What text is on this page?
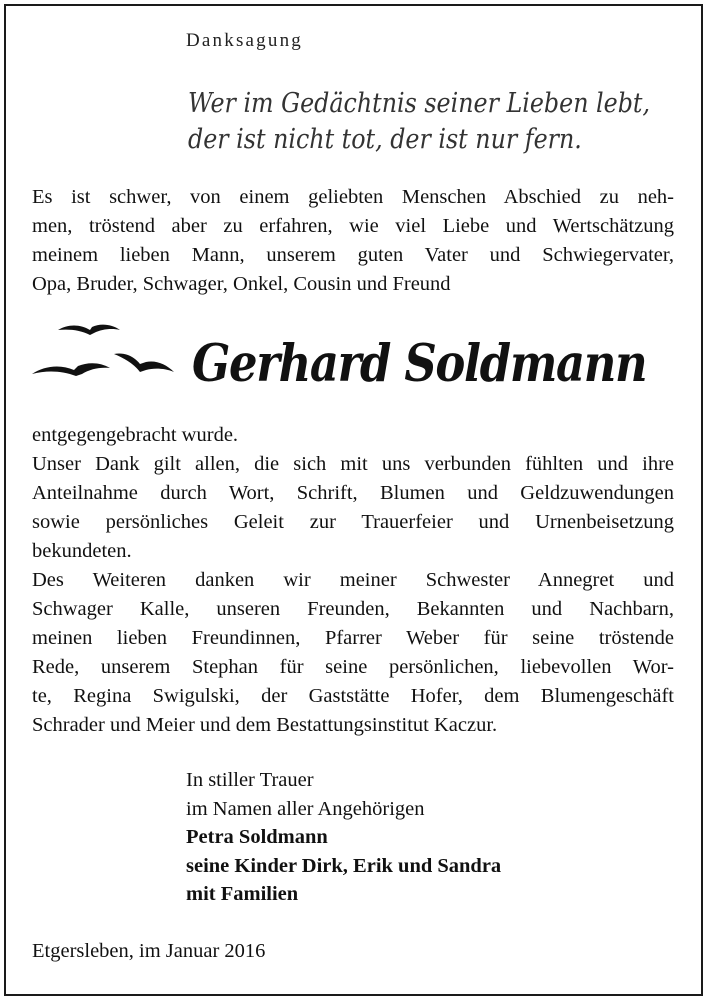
Danksagung
Wer im Gedächtnis seiner Lieben lebt,
der ist nicht tot, der ist nur fern.
Es ist schwer, von einem geliebten Menschen Abschied zu neh-
men, tröstend aber zu erfahren, wie viel Liebe und Wertschätzung
meinem lieben Mann, unserem guten Vater und Schwiegervater,
Opa, Bruder, Schwager, Onkel, Cousin und Freund
Gerhard Soldmann
entgegengebracht wurde.
Unser Dank gilt allen, die sich mit uns verbunden fühlten und ihre
Anteilnahme durch Wort, Schrift, Blumen und Geldzuwendungen
sowie persönliches Geleit zur Trauerfeier und Urnenbeisetzung
bekundeten.
Des Weiteren danken wir meiner Schwester Annegret und
Schwager Kalle, unseren Freunden, Bekannten und Nachbarn,
meinen lieben Freundinnen, Pfarrer Weber für seine tröstende
Rede, unserem Stephan für seine persönlichen, liebevollen Wor-
te, Regina Swigulski, der Gaststätte Hofer, dem Blumengeschäft
Schrader und Meier und dem Bestattungsinstitut Kaczur.
In stiller Trauer
im Namen aller Angehörigen
Petra Soldmann
seine Kinder Dirk, Erik und Sandra
mit Familien
Etgersleben, im Januar 2016
